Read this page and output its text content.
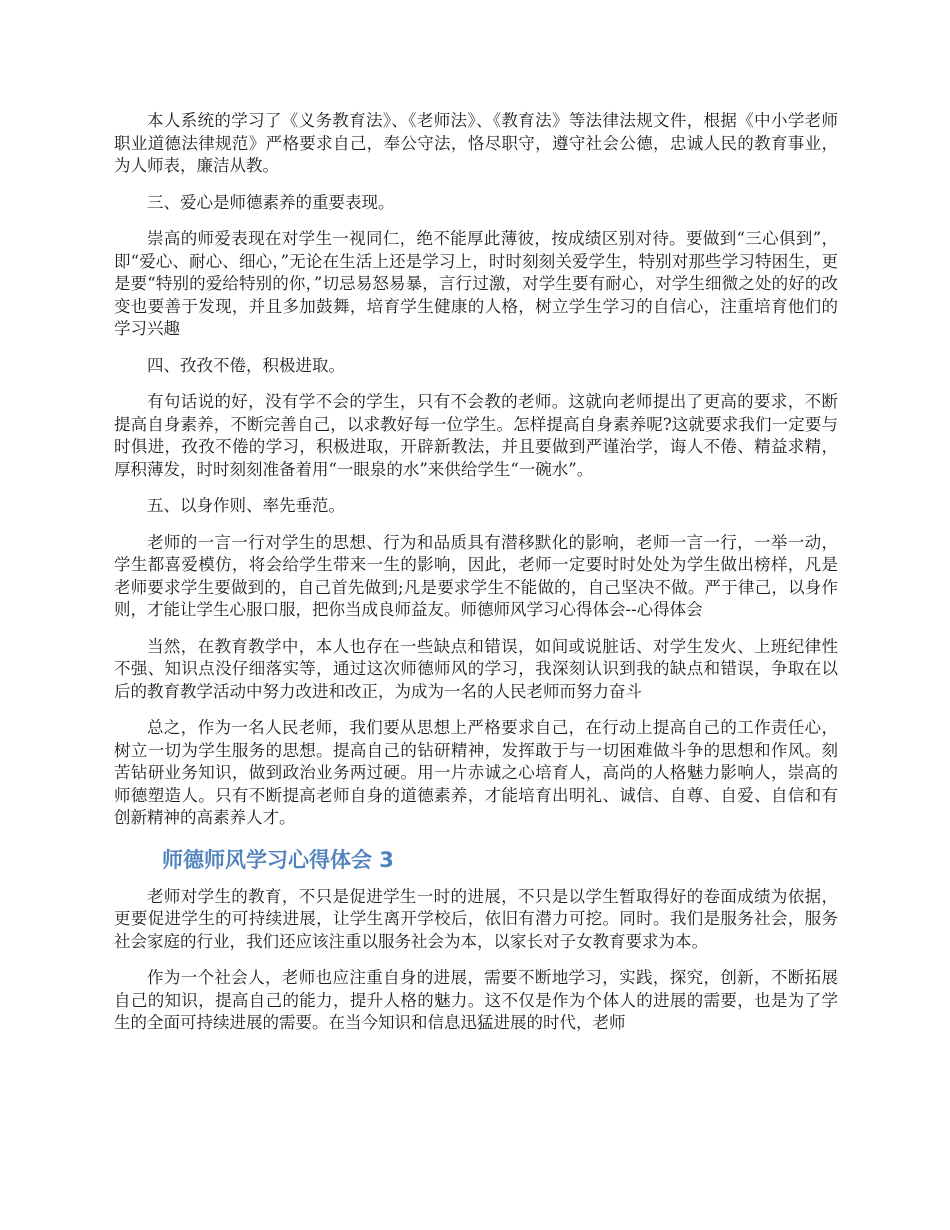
本人系统的学习了《义务教育法》、《老师法》、《教育法》等法律法规文件，根据《中小学老师职业道德法律规范》严格要求自己，奉公守法，恪尽职守，遵守社会公德，忠诚人民的教育事业，为人师表，廉洁从教。

三、爱心是师德素养的重要表现。

崇高的师爱表现在对学生一视同仁，绝不能厚此薄彼，按成绩区别对待。要做到“三心俱到”，即“爱心、耐心、细心，”无论在生活上还是学习上，时时刻刻关爱学生，特别对那些学习特困生，更是要“特别的爱给特别的你，”切忌易怒易暴，言行过激，对学生要有耐心，对学生细微之处的好的改变也要善于发现，并且多加鼓舞，培育学生健康的人格，树立学生学习的自信心，注重培育他们的学习兴趣

四、孜孜不倦，积极进取。

有句话说的好，没有学不会的学生，只有不会教的老师。这就向老师提出了更高的要求，不断提高自身素养，不断完善自己，以求教好每一位学生。怎样提高自身素养呢?这就要求我们一定要与时俱进，孜孜不倦的学习，积极进取，开辟新教法，并且要做到严谨治学，诲人不倦、精益求精，厚积薄发，时时刻刻准备着用“一眼泉的水”来供给学生“一碗水”。

五、以身作则、率先垂范。

老师的一言一行对学生的思想、行为和品质具有潜移默化的影响，老师一言一行，一举一动，学生都喜爱模仿，将会给学生带来一生的影响，因此，老师一定要时时处处为学生做出榜样，凡是老师要求学生要做到的，自己首先做到;凡是要求学生不能做的，自己坚决不做。严于律己，以身作则，才能让学生心服口服，把你当成良师益友。师德师风学习心得体会--心得体会

当然，在教育教学中，本人也存在一些缺点和错误，如间或说脏话、对学生发火、上班纪律性不强、知识点没仔细落实等，通过这次师德师风的学习，我深刻认识到我的缺点和错误，争取在以后的教育教学活动中努力改进和改正，为成为一名的人民老师而努力奋斗

总之，作为一名人民老师，我们要从思想上严格要求自己，在行动上提高自己的工作责任心，树立一切为学生服务的思想。提高自己的钻研精神，发挥敢于与一切困难做斗争的思想和作风。刻苦钻研业务知识，做到政治业务两过硬。用一片赤诚之心培育人，高尚的人格魅力影响人，崇高的师德塑造人。只有不断提高老师自身的道德素养，才能培育出明礼、诚信、自尊、自爱、自信和有创新精神的高素养人才。

师德师风学习心得体会 3

老师对学生的教育，不只是促进学生一时的进展，不只是以学生暂取得好的卷面成绩为依据，更要促进学生的可持续进展，让学生离开学校后，依旧有潜力可挖。同时。我们是服务社会，服务社会家庭的行业，我们还应该注重以服务社会为本，以家长对子女教育要求为本。

作为一个社会人，老师也应注重自身的进展，需要不断地学习，实践，探究，创新，不断拓展自己的知识，提高自己的能力，提升人格的魅力。这不仅是作为个体人的进展的需要，也是为了学生的全面可持续进展的需要。在当今知识和信息迅猛进展的时代，老师
